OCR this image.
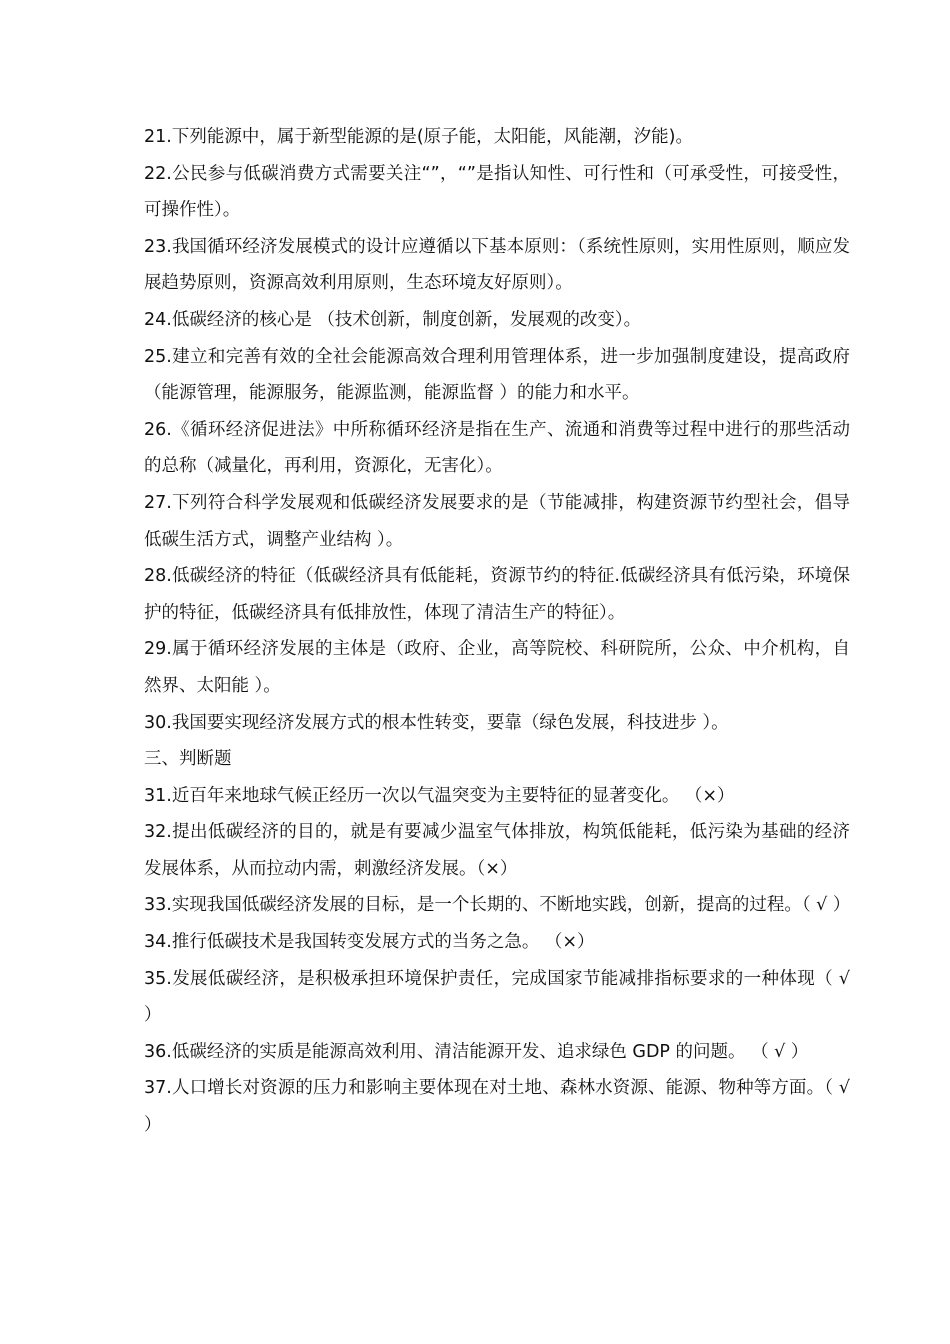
21.下列能源中，属于新型能源的是(原子能，太阳能，风能潮，汐能)。

22.公民参与低碳消费方式需要关注“”，“”是指认知性、可行性和（可承受性，可接受性，可操作性）。

23.我国循环经济发展模式的设计应遵循以下基本原则：（系统性原则，实用性原则，顺应发展趋势原则，资源高效利用原则，生态环境友好原则）。

24.低碳经济的核心是 （技术创新，制度创新，发展观的改变）。

25.建立和完善有效的全社会能源高效合理利用管理体系，进一步加强制度建设，提高政府（能源管理，能源服务，能源监测，能源监督 ）的能力和水平。

26.《循环经济促进法》中所称循环经济是指在生产、流通和消费等过程中进行的那些活动的总称（减量化，再利用，资源化，无害化）。

27.下列符合科学发展观和低碳经济发展要求的是（节能减排，构建资源节约型社会，倡导低碳生活方式，调整产业结构 ）。

28.低碳经济的特征（低碳经济具有低能耗，资源节约的特征.低碳经济具有低污染，环境保护的特征，低碳经济具有低排放性，体现了清洁生产的特征）。

29.属于循环经济发展的主体是（政府、企业，高等院校、科研院所，公众、中介机构，自然界、太阳能 ）。

30.我国要实现经济发展方式的根本性转变，要靠（绿色发展，科技进步 ）。

三、判断题

31.近百年来地球气候正经历一次以气温突变为主要特征的显著变化。 （×）

32.提出低碳经济的目的，就是有要减少温室气体排放，构筑低能耗，低污染为基础的经济发展体系，从而拉动内需，刺激经济发展。（×）

33.实现我国低碳经济发展的目标，是一个长期的、不断地实践，创新，提高的过程。（ √ ）

34.推行低碳技术是我国转变发展方式的当务之急。 （×）

35.发展低碳经济，是积极承担环境保护责任，完成国家节能减排指标要求的一种体现（ √ ）

36.低碳经济的实质是能源高效利用、清洁能源开发、追求绿色 GDP 的问题。 （ √ ）

37.人口增长对资源的压力和影响主要体现在对土地、森林水资源、能源、物种等方面。（ √ ）
